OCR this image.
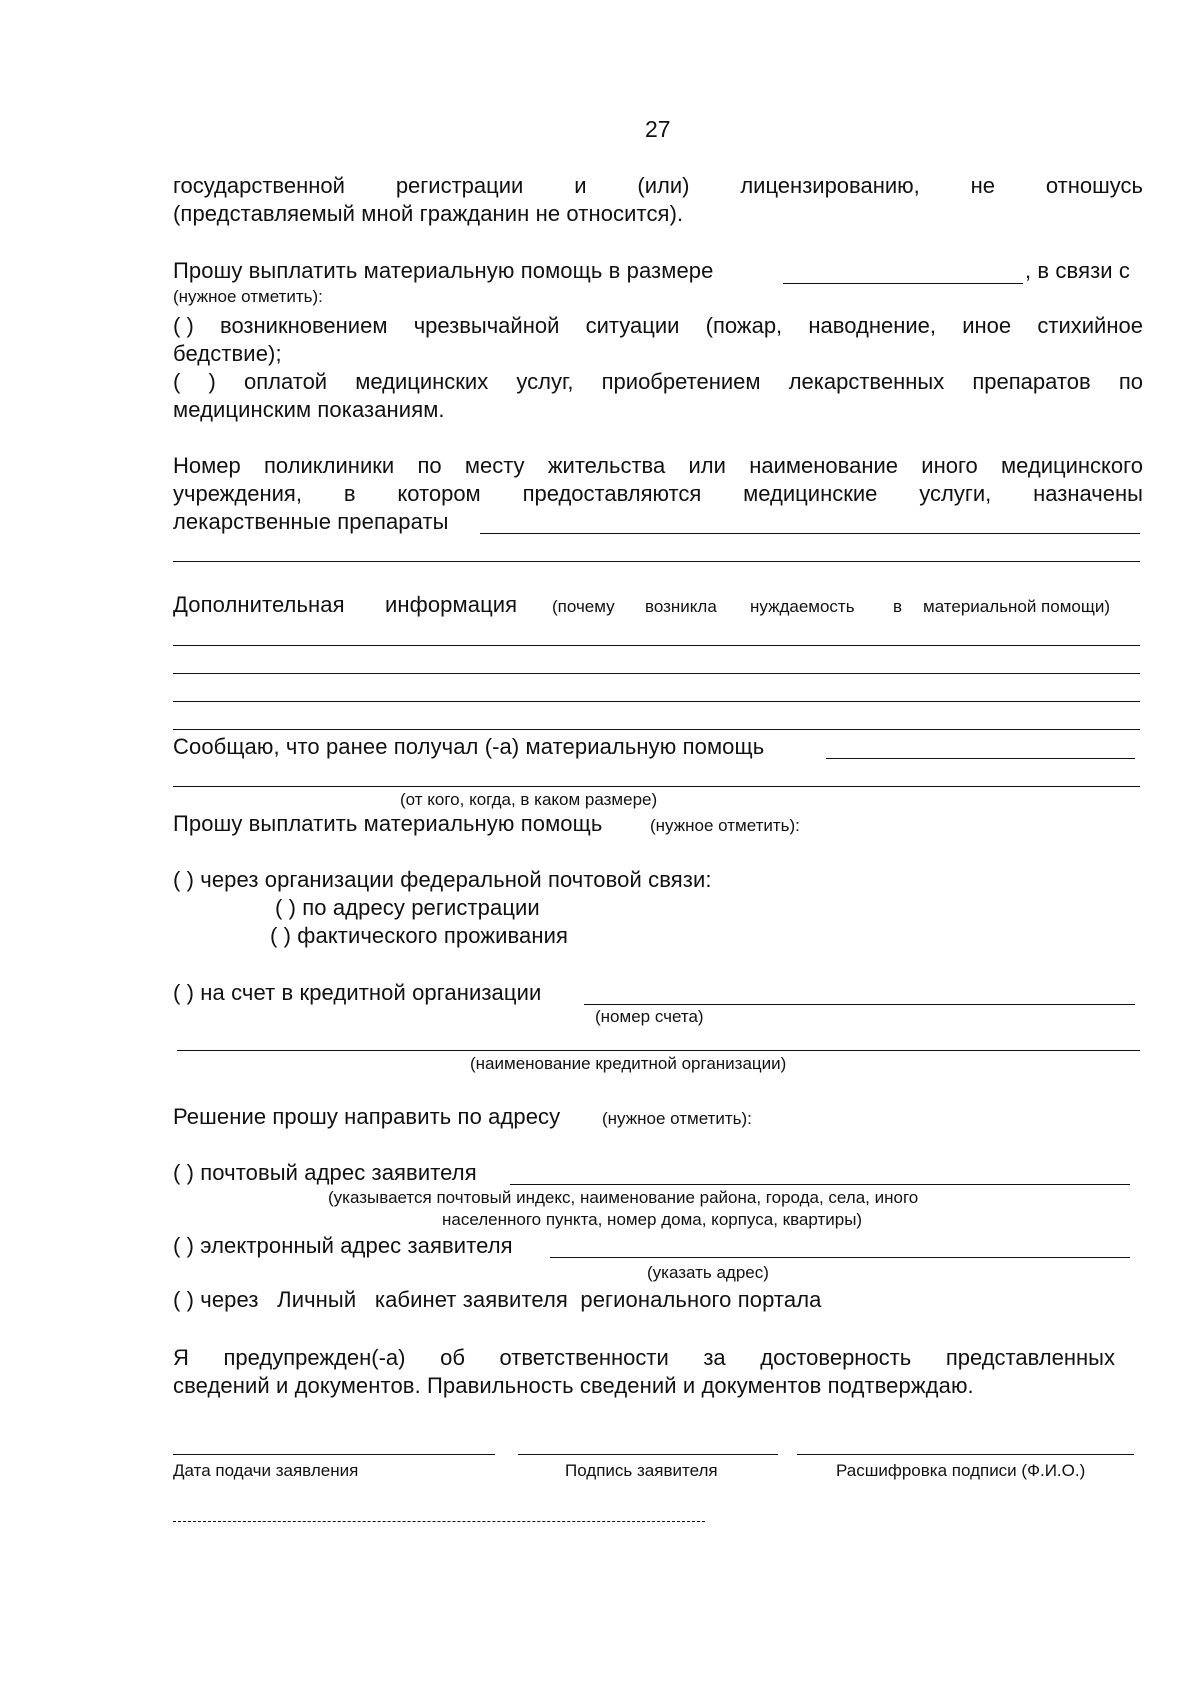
27
государственной регистрации и (или) лицензированию, не отношусь
(представляемый мной гражданин не относится).
Прошу выплатить материальную помощь в размере	, в связи с
(нужное отметить):
( ) возникновением чрезвычайной ситуации (пожар, наводнение, иное стихийное
бедствие);
( ) оплатой медицинских услуг, приобретением лекарственных препаратов по
медицинским показаниям.
Номер поликлиники по месту жительства или наименование иного медицинского
учреждения, в котором предоставляются медицинские услуги, назначены
лекарственные препараты
Дополнительная информация (почему возникла нуждаемость в материальной помощи)
Сообщаю, что ранее получал (-а) материальную помощь
(от кого, когда, в каком размере)
Прошу выплатить материальную помощь	(нужное отметить):
( ) через организации федеральной почтовой связи:
( ) по адресу регистрации
( ) фактического проживания
( ) на счет в кредитной организации
(номер счета)
(наименование кредитной организации)
Решение прошу направить по адресу (нужное отметить):
( ) почтовый адрес заявителя
(указывается почтовый индекс, наименование района, города, села, иного
населенного пункта, номер дома, корпуса, квартиры)
( ) электронный адрес заявителя
(указать адрес)
( ) через   Личный   кабинет заявителя  регионального портала
Я предупрежден(-а) об ответственности за достоверность представленных
сведений и документов. Правильность сведений и документов подтверждаю.
Дата подачи заявления	Подпись заявителя	Расшифровка подписи (Ф.И.О.)
